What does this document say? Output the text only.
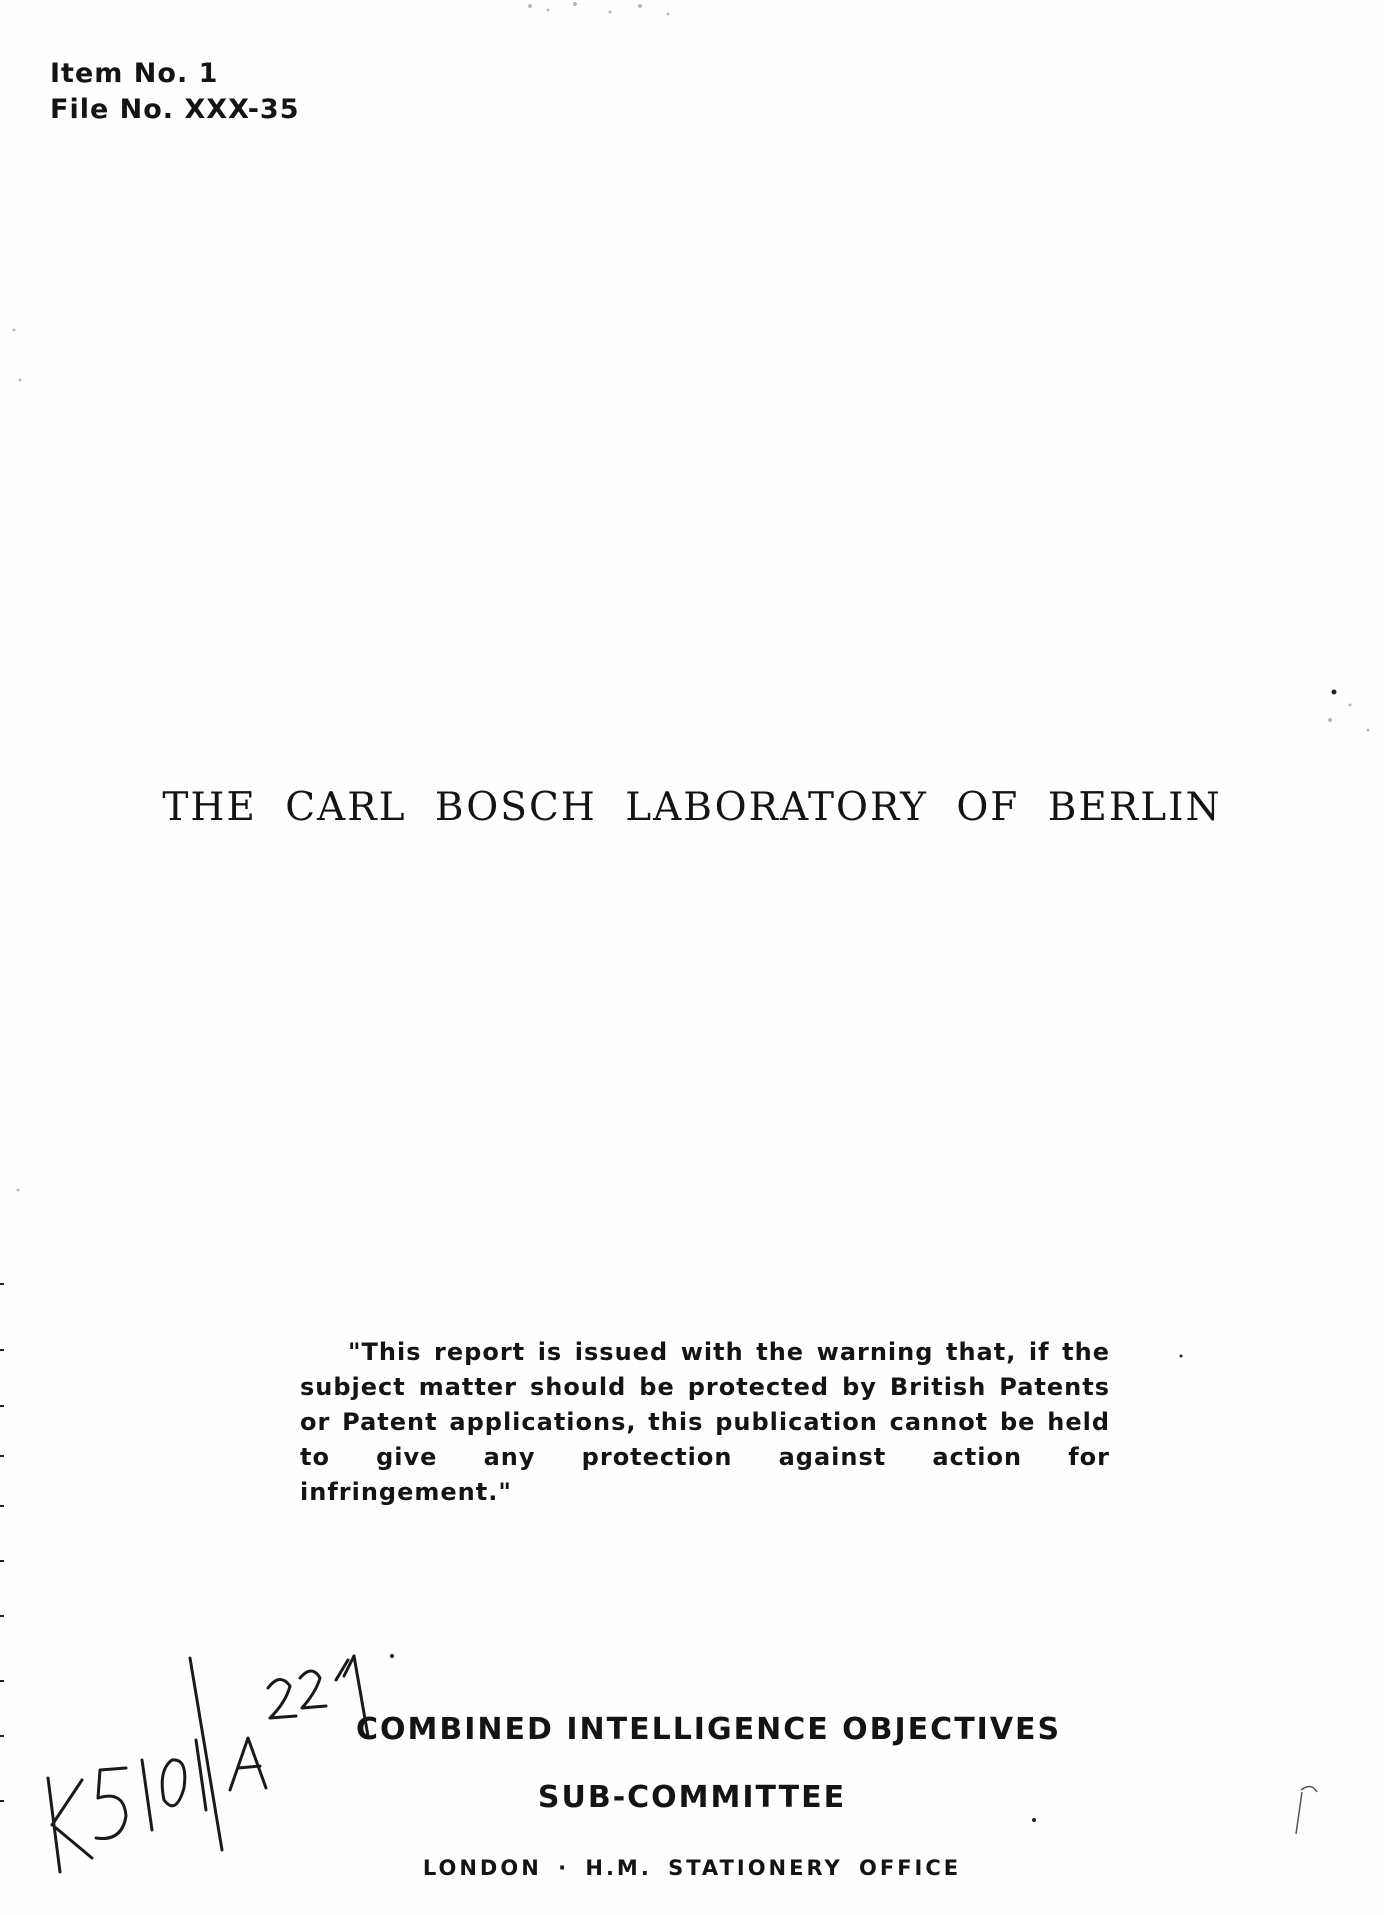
Item No. 1
File No. XXX-35
THE CARL BOSCH LABORATORY OF BERLIN
"This report is issued with the warning that, if the subject matter should be protected by British Patents or Patent applications, this publication cannot be held to give any protection against action for infringement."
COMBINED INTELLIGENCE OBJECTIVES
SUB-COMMITTEE
LONDON · H.M. STATIONERY OFFICE
